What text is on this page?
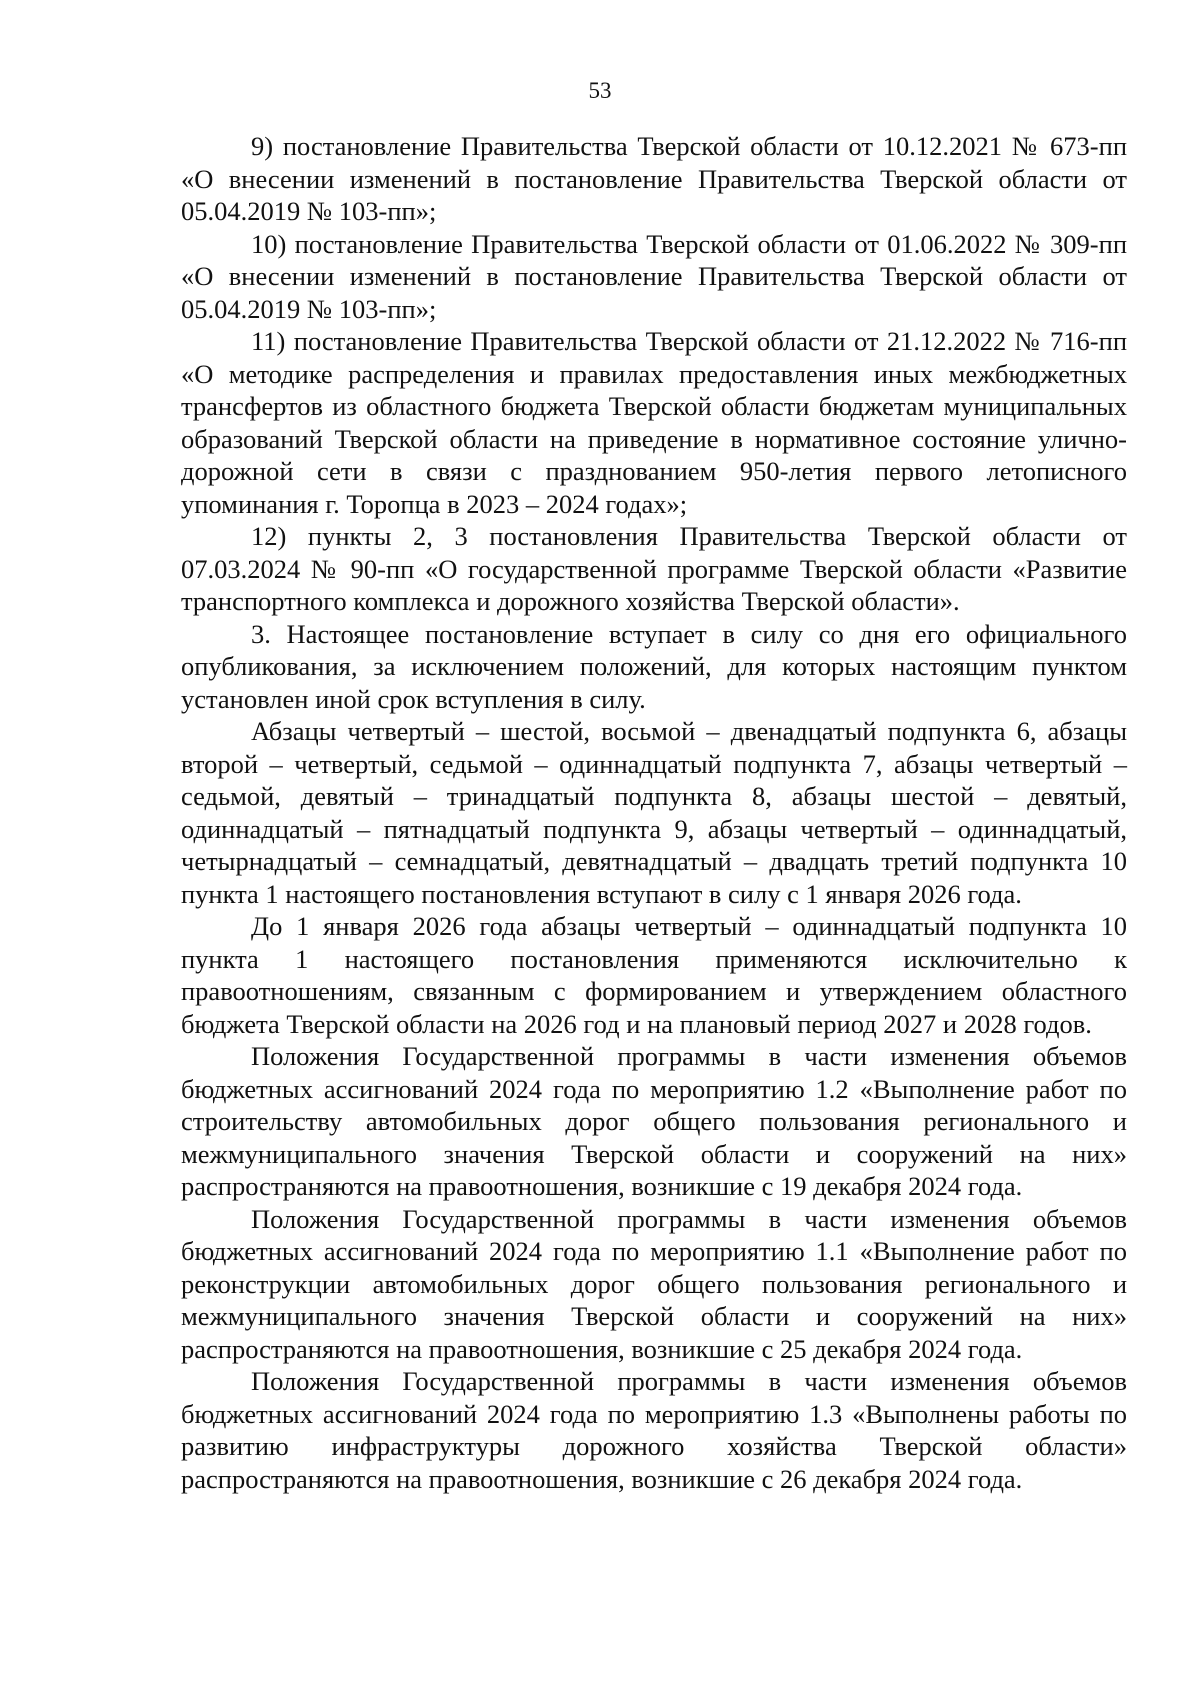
53

9) постановление Правительства Тверской области от 10.12.2021 № 673-пп «О внесении изменений в постановление Правительства Тверской области от 05.04.2019 № 103-пп»;

10) постановление Правительства Тверской области от 01.06.2022 № 309-пп «О внесении изменений в постановление Правительства Тверской области от 05.04.2019 № 103-пп»;

11) постановление Правительства Тверской области от 21.12.2022 № 716-пп «О методике распределения и правилах предоставления иных межбюджетных трансфертов из областного бюджета Тверской области бюджетам муниципальных образований Тверской области на приведение в нормативное состояние улично-дорожной сети в связи с празднованием 950-летия первого летописного упоминания г. Торопца в 2023 – 2024 годах»;

12) пункты 2, 3 постановления Правительства Тверской области от 07.03.2024 № 90-пп «О государственной программе Тверской области «Развитие транспортного комплекса и дорожного хозяйства Тверской области».

3. Настоящее постановление вступает в силу со дня его официального опубликования, за исключением положений, для которых настоящим пунктом установлен иной срок вступления в силу.

Абзацы четвертый – шестой, восьмой – двенадцатый подпункта 6, абзацы второй – четвертый, седьмой – одиннадцатый подпункта 7, абзацы четвертый – седьмой, девятый – тринадцатый подпункта 8, абзацы шестой – девятый, одиннадцатый – пятнадцатый подпункта 9, абзацы четвертый – одиннадцатый, четырнадцатый – семнадцатый, девятнадцатый – двадцать третий подпункта 10 пункта 1 настоящего постановления вступают в силу с 1 января 2026 года.

До 1 января 2026 года абзацы четвертый – одиннадцатый подпункта 10 пункта 1 настоящего постановления применяются исключительно к правоотношениям, связанным с формированием и утверждением областного бюджета Тверской области на 2026 год и на плановый период 2027 и 2028 годов.

Положения Государственной программы в части изменения объемов бюджетных ассигнований 2024 года по мероприятию 1.2 «Выполнение работ по строительству автомобильных дорог общего пользования регионального и межмуниципального значения Тверской области и сооружений на них» распространяются на правоотношения, возникшие с 19 декабря 2024 года.

Положения Государственной программы в части изменения объемов бюджетных ассигнований 2024 года по мероприятию 1.1 «Выполнение работ по реконструкции автомобильных дорог общего пользования регионального и межмуниципального значения Тверской области и сооружений на них» распространяются на правоотношения, возникшие с 25 декабря 2024 года.

Положения Государственной программы в части изменения объемов бюджетных ассигнований 2024 года по мероприятию 1.3 «Выполнены работы по развитию инфраструктуры дорожного хозяйства Тверской области» распространяются на правоотношения, возникшие с 26 декабря 2024 года.
